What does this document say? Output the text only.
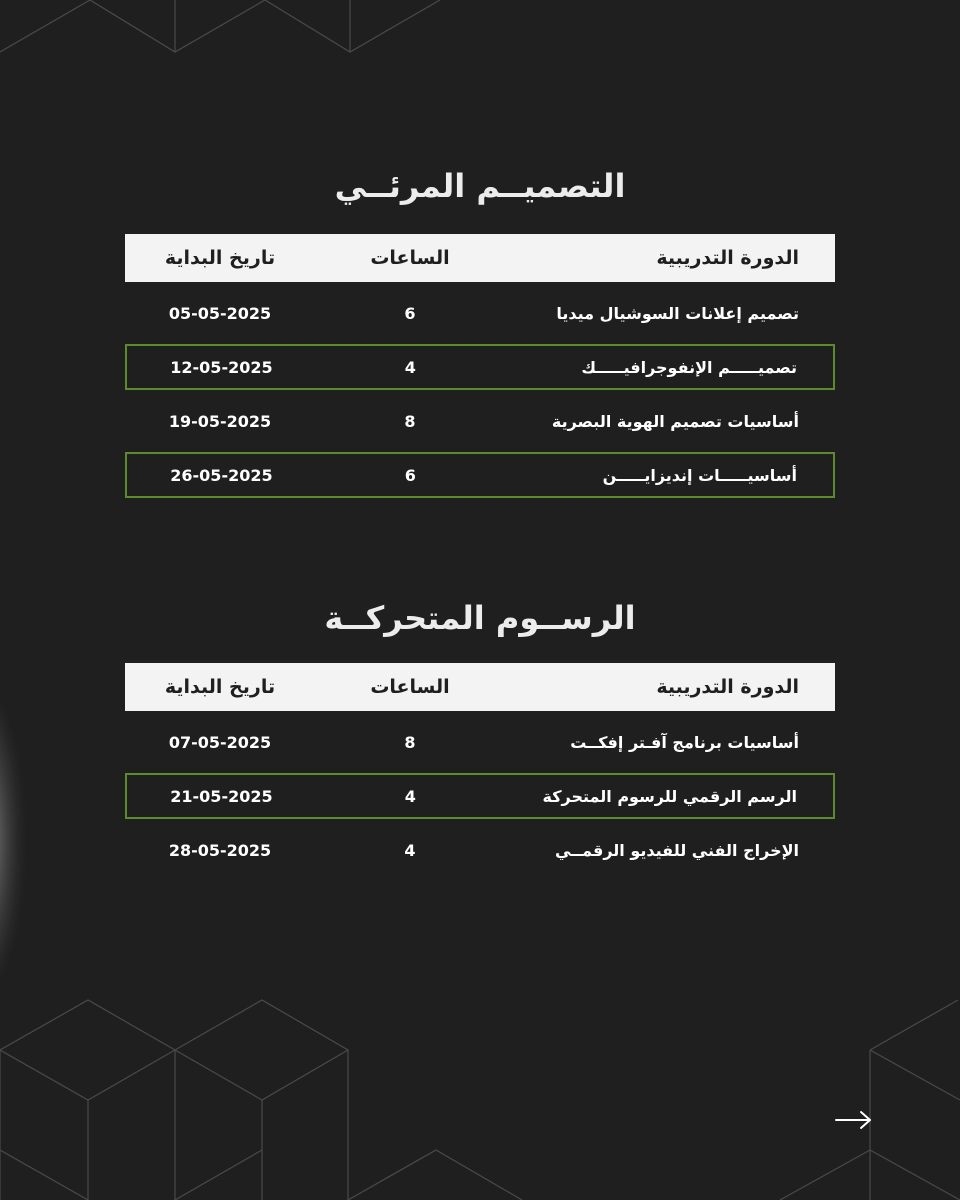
التصميــم المرئــي
الدورة التدريبية
الساعات
تاريخ البداية
تصميم إعلانات السوشيال ميديا
6
05-05-2025
تصميـــــم الإنفوجرافيـــــك
4
12-05-2025
أساسيات تصميم الهوية البصرية
8
19-05-2025
أساسيـــــات إنديزايـــــن
6
26-05-2025
الرســوم المتحركــة
الدورة التدريبية
الساعات
تاريخ البداية
أساسيات برنامج آفـتر إفكــت
8
07-05-2025
الرسم الرقمي للرسوم المتحركة
4
21-05-2025
الإخراج الفني للفيديو الرقمــي
4
28-05-2025
